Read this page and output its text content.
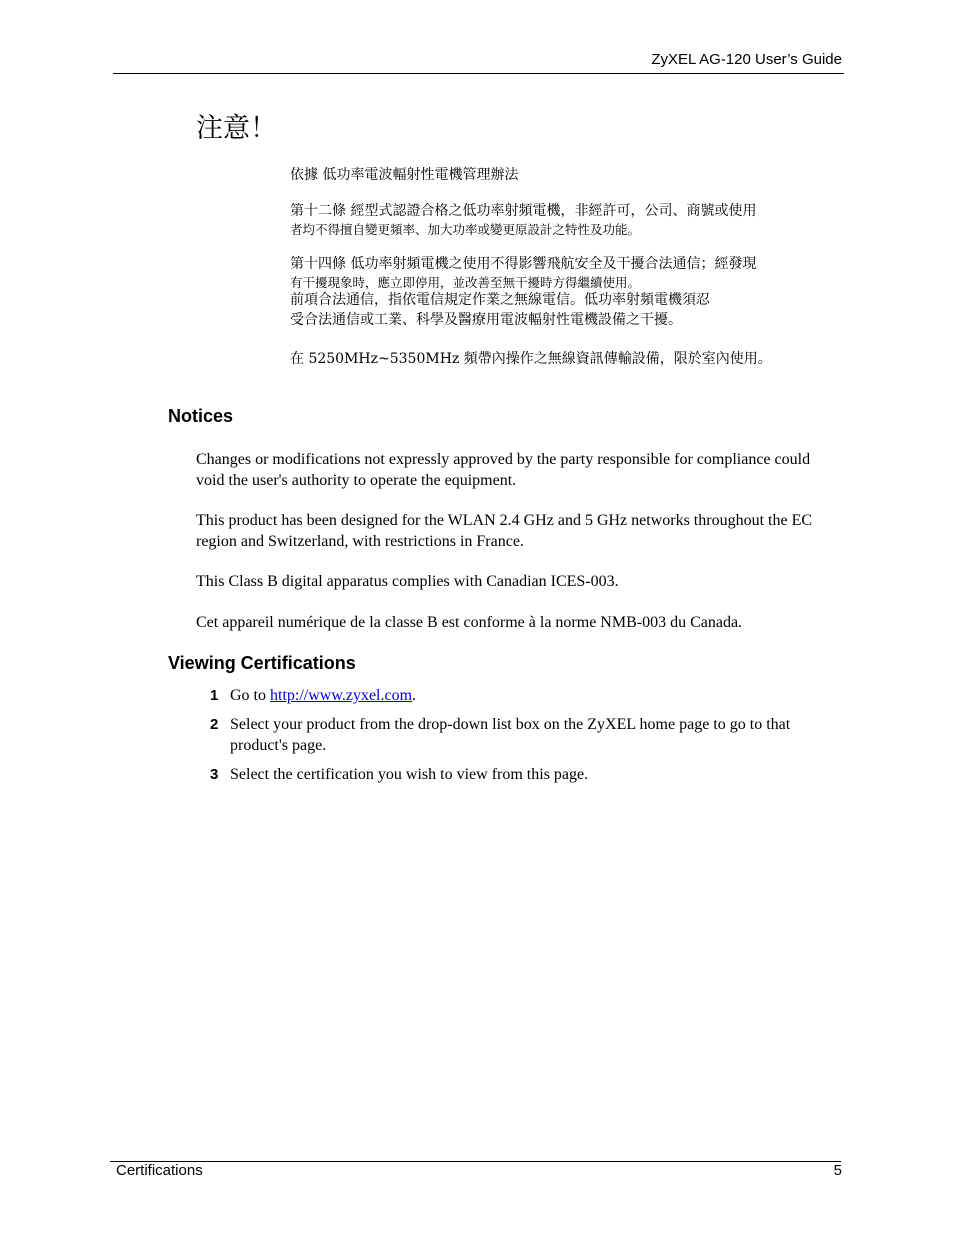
ZyXEL AG-120 User’s Guide
注意！
依據 低功率電波輻射性電機管理辦法
第十二條 經型式認證合格之低功率射頻電機，非經許可，公司、商號或使用
者均不得擅自變更頻率、加大功率或變更原設計之特性及功能。
第十四條 低功率射頻電機之使用不得影響飛航安全及干擾合法通信；經發現
有干擾現象時，應立即停用，並改善至無干擾時方得繼續使用。
前項合法通信，指依電信規定作業之無線電信。低功率射頻電機須忍
受合法通信或工業、科學及醫療用電波輻射性電機設備之干擾。
在 5250MHz~5350MHz 頻帶內操作之無線資訊傳輸設備，限於室內使用。
Notices

Changes or modifications not expressly approved by the party responsible for compliance could void the user's authority to operate the equipment.

This product has been designed for the WLAN 2.4 GHz and 5 GHz networks throughout the EC region and Switzerland, with restrictions in France.

This Class B digital apparatus complies with Canadian ICES-003.

Cet appareil numérique de la classe B est conforme à la norme NMB-003 du Canada.

Viewing Certifications
1 Go to http://www.zyxel.com.
2 Select your product from the drop-down list box on the ZyXEL home page to go to that product's page.
3 Select the certification you wish to view from this page.
Certifications	5
